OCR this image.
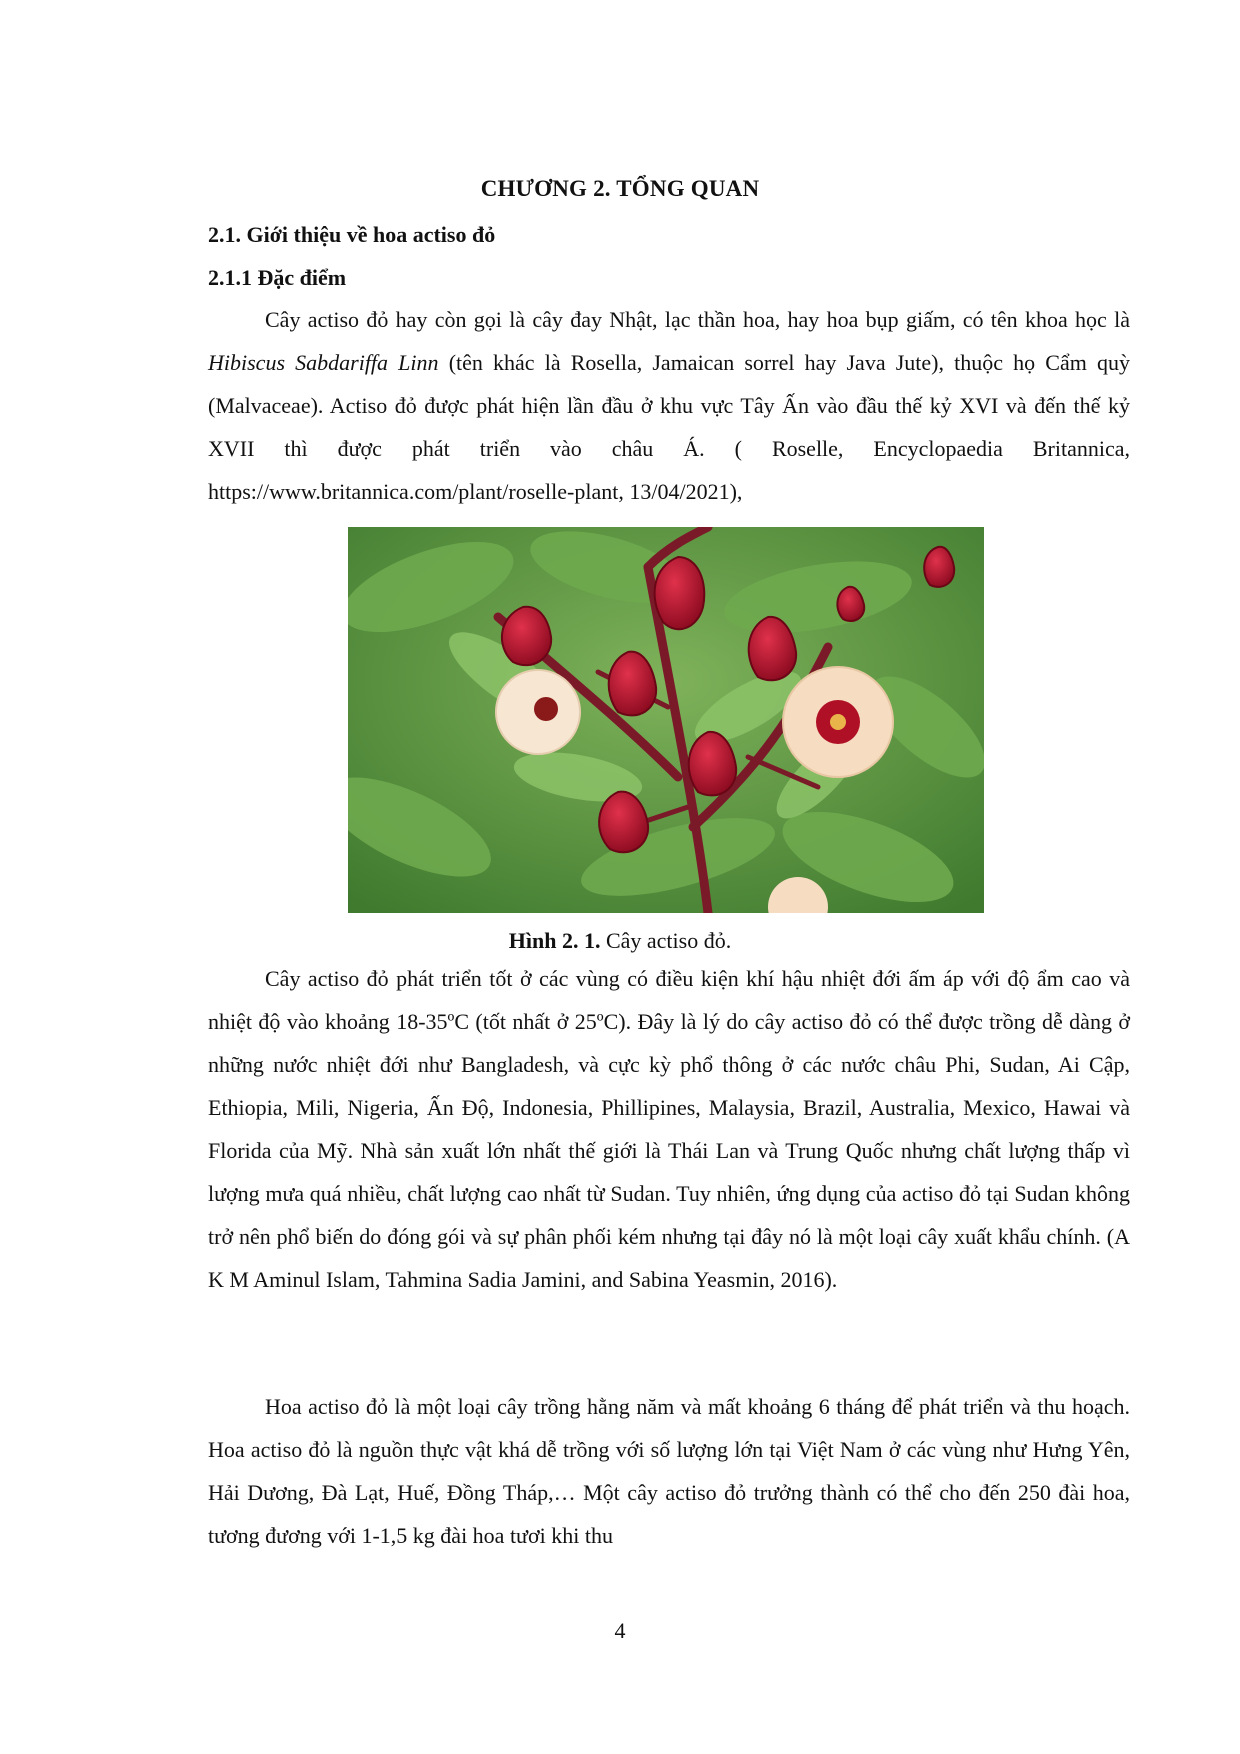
CHƯƠNG 2. TỔNG QUAN
2.1. Giới thiệu về hoa actiso đỏ
2.1.1 Đặc điểm

Cây actiso đỏ hay còn gọi là cây đay Nhật, lạc thần hoa, hay hoa bụp giấm, có tên khoa học là Hibiscus Sabdariffa Linn (tên khác là Rosella, Jamaican sorrel hay Java Jute), thuộc họ Cẩm quỳ (Malvaceae). Actiso đỏ được phát hiện lần đầu ở khu vực Tây Ấn vào đầu thế kỷ XVI và đến thế kỷ XVII thì được phát triển vào châu Á. ( Roselle, Encyclopaedia Britannica, https://www.britannica.com/plant/roselle-plant, 13/04/2021),

Hình 2. 1. Cây actiso đỏ.

Cây actiso đỏ phát triển tốt ở các vùng có điều kiện khí hậu nhiệt đới ấm áp với độ ẩm cao và nhiệt độ vào khoảng 18-35ºC (tốt nhất ở 25ºC). Đây là lý do cây actiso đỏ có thể được trồng dễ dàng ở những nước nhiệt đới như Bangladesh, và cực kỳ phổ thông ở các nước châu Phi, Sudan, Ai Cập, Ethiopia, Mili, Nigeria, Ấn Độ, Indonesia, Phillipines, Malaysia, Brazil, Australia, Mexico, Hawai và Florida của Mỹ. Nhà sản xuất lớn nhất thế giới là Thái Lan và Trung Quốc nhưng chất lượng thấp vì lượng mưa quá nhiều, chất lượng cao nhất từ Sudan. Tuy nhiên, ứng dụng của actiso đỏ tại Sudan không trở nên phổ biến do đóng gói và sự phân phối kém nhưng tại đây nó là một loại cây xuất khẩu chính. (A K M Aminul Islam, Tahmina Sadia Jamini, and Sabina Yeasmin, 2016).

Hoa actiso đỏ là một loại cây trồng hằng năm và mất khoảng 6 tháng để phát triển và thu hoạch. Hoa actiso đỏ là nguồn thực vật khá dễ trồng với số lượng lớn tại Việt Nam ở các vùng như Hưng Yên, Hải Dương, Đà Lạt, Huế, Đồng Tháp,… Một cây actiso đỏ trưởng thành có thể cho đến 250 đài hoa, tương đương với 1-1,5 kg đài hoa tươi khi thu

4
